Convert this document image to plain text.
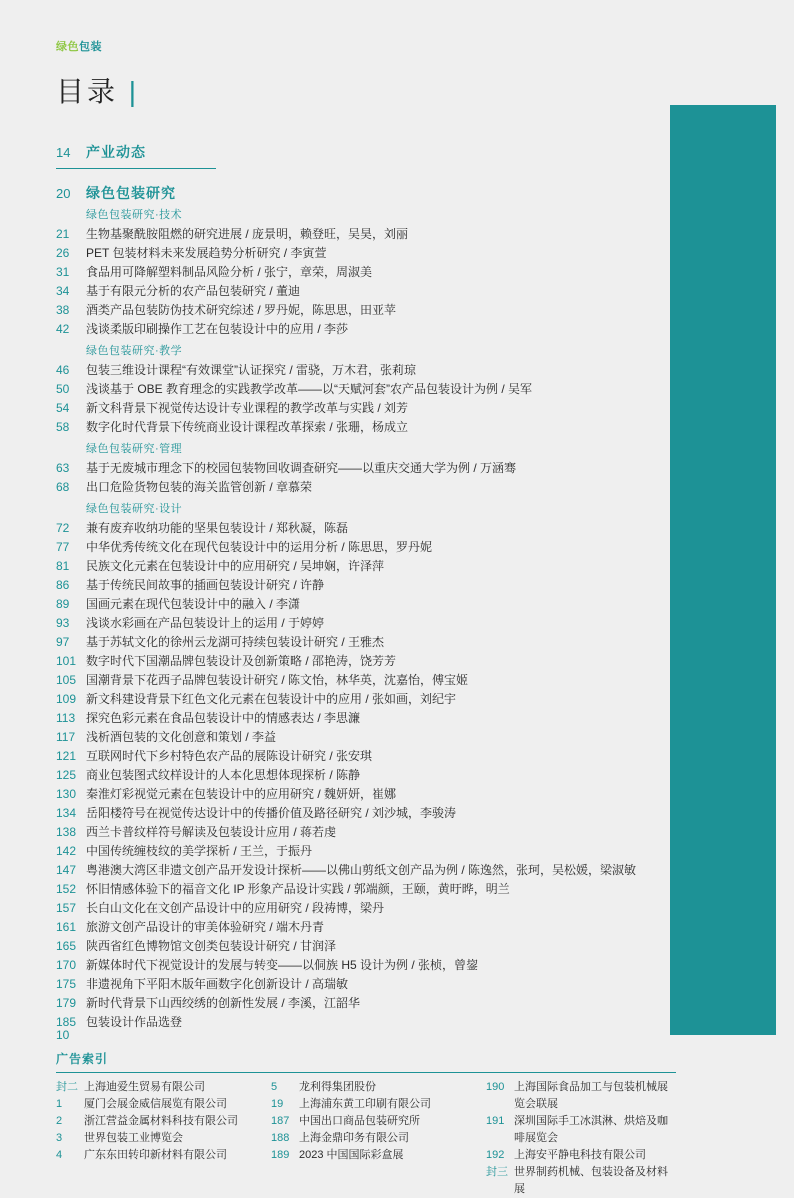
绿色包装
目录 |
14	产业动态
20	绿色包装研究
绿色包装研究·技术
21	生物基聚酰胺阻燃的研究进展 / 庞景明，赖登旺，吴昊，刘丽
26	PET 包装材料未来发展趋势分析研究 / 李寅萱
31	食品用可降解塑料制品风险分析 / 张宁，章荣，周淑美
34	基于有限元分析的农产品包装研究 / 董迪
38	酒类产品包装防伪技术研究综述 / 罗丹妮，陈思思，田亚苹
42	浅谈柔版印刷操作工艺在包装设计中的应用 / 李莎
绿色包装研究·教学
46	包装三维设计课程“有效课堂”认证探究 / 雷骁，万木君，张莉琼
50	浅谈基于 OBE 教育理念的实践教学改革——以“天赋河套”农产品包装设计为例 / 吴军
54	新文科背景下视觉传达设计专业课程的教学改革与实践 / 刘芳
58	数字化时代背景下传统商业设计课程改革探索 / 张珊，杨成立
绿色包装研究·管理
63	基于无废城市理念下的校园包装物回收调查研究——以重庆交通大学为例 / 万涵骞
68	出口危险货物包装的海关监管创新 / 章慕荣
绿色包装研究·设计
72	兼有废弃收纳功能的坚果包装设计 / 郑秋凝，陈磊
77	中华优秀传统文化在现代包装设计中的运用分析 / 陈思思，罗丹妮
81	民族文化元素在包装设计中的应用研究 / 吴坤娴，许泽萍
86	基于传统民间故事的插画包装设计研究 / 许静
89	国画元素在现代包装设计中的融入 / 李潇
93	浅谈水彩画在产品包装设计上的运用 / 于婷婷
97	基于苏轼文化的徐州云龙湖可持续包装设计研究 / 王雅杰
101 数字时代下国潮品牌包装设计及创新策略 / 邵艳涛，饶芳芳
105 国潮背景下花西子品牌包装设计研究 / 陈文怡，林华英，沈嘉怡，傅宝姬
109 新文科建设背景下红色文化元素在包装设计中的应用 / 张如画，刘纪宇
113 探究色彩元素在食品包装设计中的情感表达 / 李思濂
117 浅析酒包装的文化创意和策划 / 李益
121 互联网时代下乡村特色农产品的展陈设计研究 / 张安琪
125 商业包装图式纹样设计的人本化思想体现探析 / 陈静
130 秦淮灯彩视觉元素在包装设计中的应用研究 / 魏妍妍，崔娜
134 岳阳楼符号在视觉传达设计中的传播价值及路径研究 / 刘沙城，李骏涛
138 西兰卡普纹样符号解读及包装设计应用 / 蒋若虔
142 中国传统缠枝纹的美学探析 / 王兰，于振丹
147 粤港澳大湾区非遗文创产品开发设计探析——以佛山剪纸文创产品为例 / 陈逸然，张珂，吴松媛，梁淑敏
152 怀旧情感体验下的福音文化 IP 形象产品设计实践 / 郭端颜，王颐，黄旴晔，明兰
157 长白山文化在文创产品设计中的应用研究 / 段祷博，梁丹
161 旅游文创产品设计的审美体验研究 / 端木丹青
165 陕西省红色博物馆文创类包装设计研究 / 甘润泽
170 新媒体时代下视觉设计的发展与转变——以侗族 H5 设计为例 / 张桢，曾鋆
175 非遗视角下平阳木版年画数字化创新设计 / 高瑞敏
179 新时代背景下山西绞绣的创新性发展 / 李溪，江韶华
185 包装设计作品选登
广告索引
封二 上海迪爱生贸易有限公司
1	厦门会展金威信展览有限公司
2	浙江营益金属材料科技有限公司
3	世界包装工业博览会
4	广东东田转印新材料有限公司
5	龙利得集团股份
19	上海浦东黄工印刷有限公司
187 中国出口商品包装研究所
188 上海金鼎印务有限公司
189 2023 中国国际彩盒展
190 上海国际食品加工与包装机械展览会联展
191 深圳国际手工冰淇淋、烘焙及咖啡展览会
192 上海安平静电科技有限公司
封三 世界制药机械、包装设备及材料展
10
